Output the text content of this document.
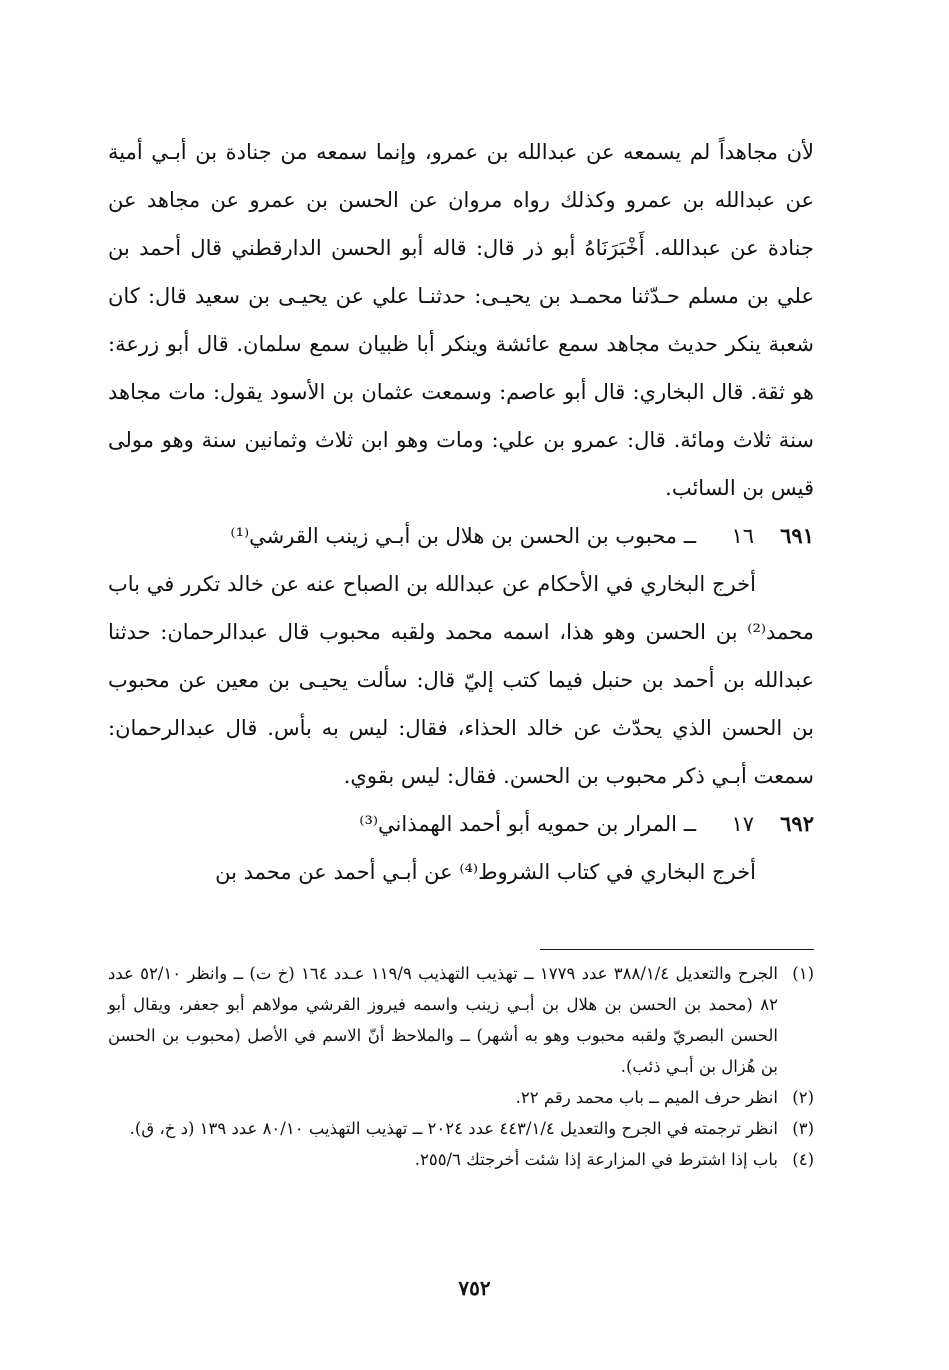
لأن مجاهداً لم يسمعه عن عبدالله بن عمرو، وإنما سمعه من جنادة بن أبـي أمية عن عبدالله بن عمرو وكذلك رواه مروان عن الحسن بن عمرو عن مجاهد عن جنادة عن عبدالله. أَخْبَرَنَاهُ أبو ذر قال: قاله أبو الحسن الدارقطني قال أحمد بن علي بن مسلم حـدّثنا محمـد بن يحيـى: حدثنـا علي عن يحيـى بن سعيد قال: كان شعبة ينكر حديث مجاهد سمع عائشة وينكر أبا ظبيان سمع سلمان. قال أبو زرعة: هو ثقة. قال البخاري: قال أبو عاصم: وسمعت عثمان بن الأسود يقول: مات مجاهد سنة ثلاث ومائة. قال: عمرو بن علي: ومات وهو ابن ثلاث وثمانين سنة وهو مولى قيس بن السائب.

٦٩١
١٦
ــ محبوب بن الحسن بن هلال بن أبـي زينب القرشي⁽¹⁾

أخرج البخاري في الأحكام عن عبدالله بن الصباح عنه عن خالد تكرر في باب محمد⁽²⁾ بن الحسن وهو هذا، اسمه محمد ولقبه محبوب قال عبدالرحمان: حدثنا عبدالله بن أحمد بن حنبل فيما كتب إليّ قال: سألت يحيـى بن معين عن محبوب بن الحسن الذي يحدّث عن خالد الحذاء، فقال: ليس به بأس. قال عبدالرحمان: سمعت أبـي ذكر محبوب بن الحسن. فقال: ليس بقوي.

٦٩٢
١٧
ــ المرار بن حمويه أبو أحمد الهمذاني⁽³⁾

أخرج البخاري في كتاب الشروط⁽⁴⁾ عن أبـي أحمد عن محمد بن

(١)
الجرح والتعديل ٣٨٨/١/٤ عدد ١٧٧٩ ــ تهذيب التهذيب ١١٩/٩ عـدد ١٦٤ (خ ت) ــ وانظر ٥٢/١٠ عدد ٨٢ (محمد بن الحسن بن هلال بن أبـي زينب واسمه فيروز القرشي مولاهم أبو جعفر، ويقال أبو الحسن البصريّ ولقبه محبوب وهو به أشهر) ــ والملاحظ أنّ الاسم في الأصل (محبوب بن الحسن بن هُزال بن أبـي ذئب).
(٢)
انظر حرف الميم ــ باب محمد رقم ٢٢.
(٣)
انظر ترجمته في الجرح والتعديل ٤٤٣/١/٤ عدد ٢٠٢٤ ــ تهذيب التهذيب ٨٠/١٠ عدد ١٣٩ (د خ، ق).
(٤)
باب إذا اشترط في المزارعة إذا شئت أخرجتك ٢٥٥/٦.
٧٥٢
